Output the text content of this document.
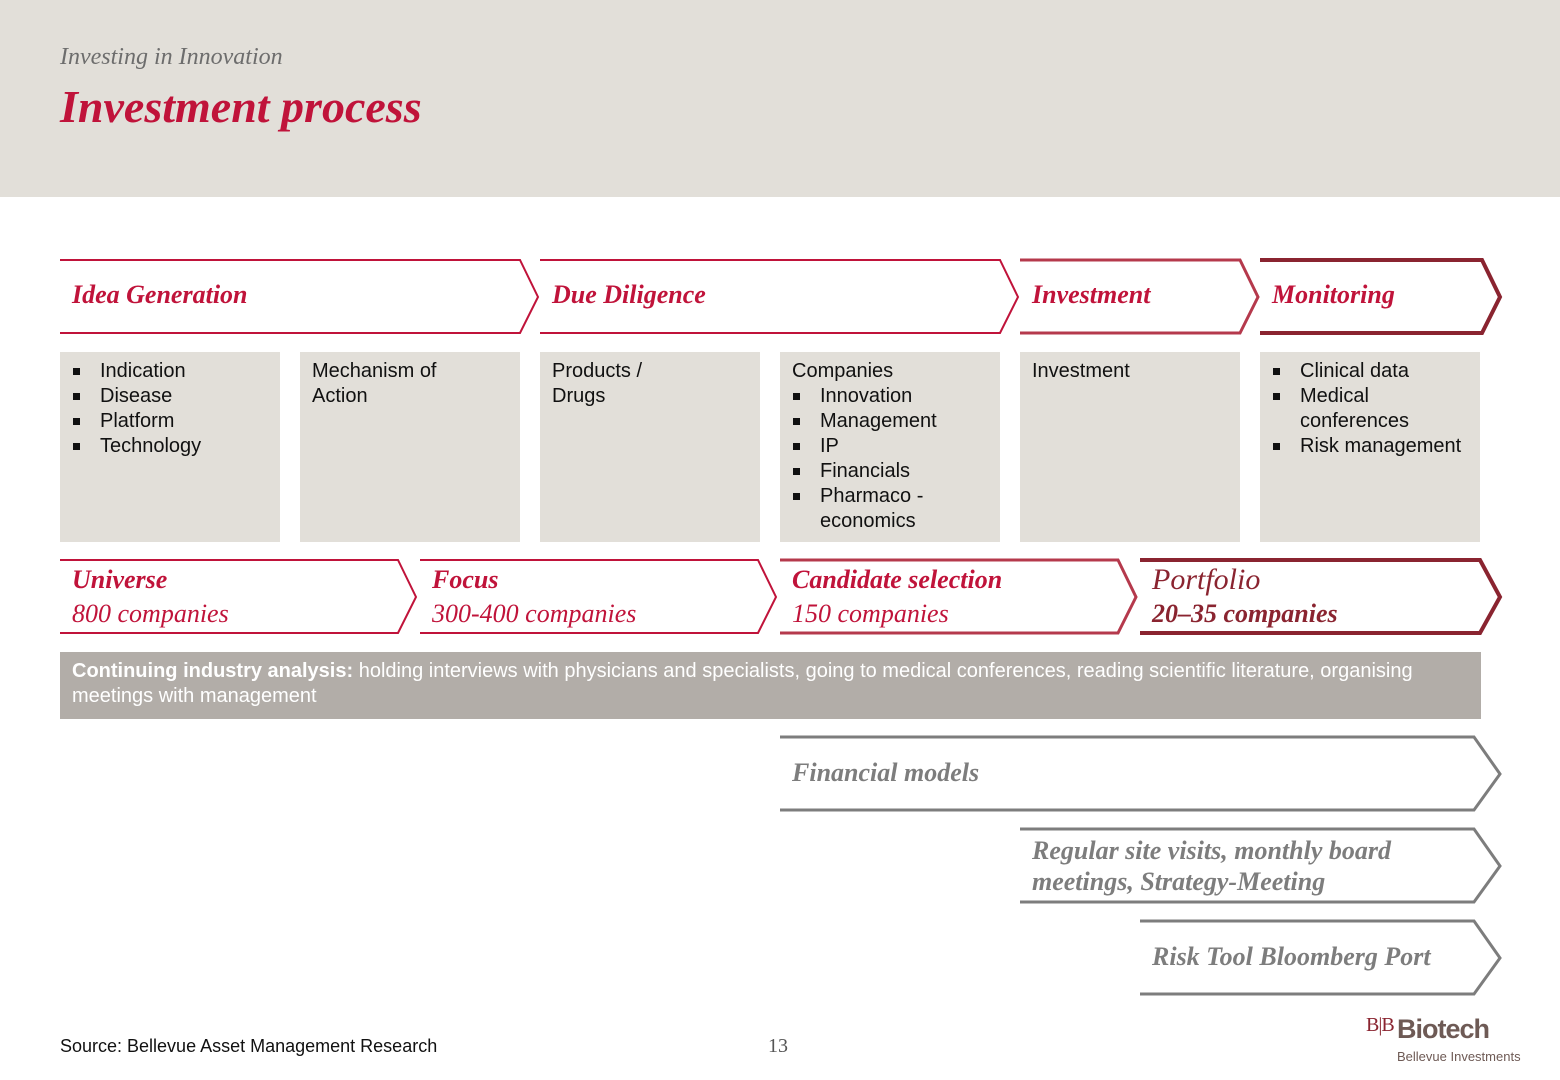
Investing in Innovation
Investment process
Idea Generation	Due Diligence	Investment	Monitoring
Indication
Disease
Platform
Technology
Mechanism of Action
Products / Drugs
Companies
Innovation
Management
IP
Financials
Pharmaco - economics
Investment	Clinical data
Medical conferences
Risk management
Universe
800 companies
Focus
300-400 companies
Candidate selection
150 companies
Portfolio
20–35 companies
Continuing industry analysis: holding interviews with physicians and specialists, going to medical conferences, reading scientific literature, organising meetings with management
Financial models
Regular site visits, monthly board meetings, Strategy-Meeting
Risk Tool Bloomberg Port
Source: Bellevue Asset Management Research	13
B|B Biotech
Bellevue Investments
